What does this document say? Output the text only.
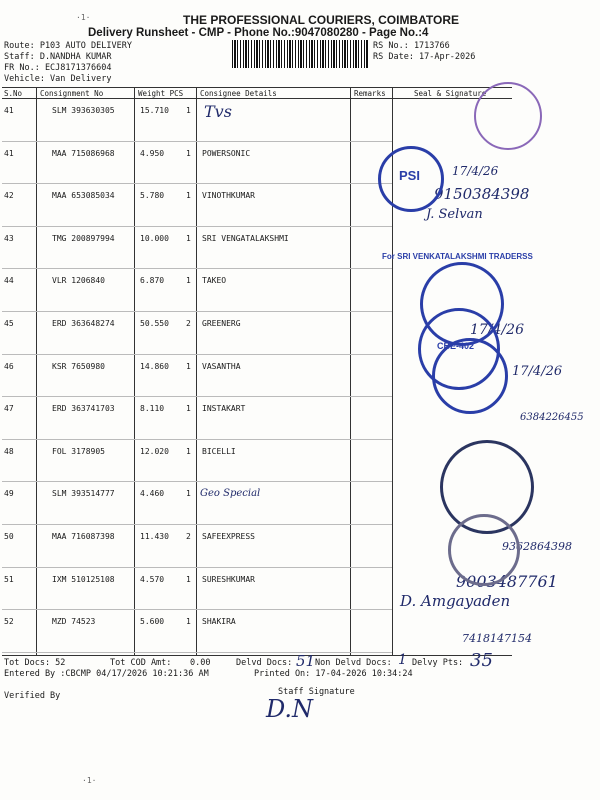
·1·	THE PROFESSIONAL COURIERS, COIMBATORE
Delivery Runsheet - CMP - Phone No.:9047080280 - Page No.:4
Route: P103 AUTO DELIVERY
Staff: D.NANDHA KUMAR
FR No.: ECJ8171376604
Vehicle: Van Delivery
RS No.: 1713766
RS Date: 17-Apr-2026
S.No Consignment No	Weight PCS Consignee Details	Remarks	Seal & Signature
41	SLM 393630305	15.710 1
41	MAA 715086968	4.950	1 POWERSONIC
42	MAA 653085034	5.780	1 VINOTHKUMAR
43	TMG 200897994	10.000 1 SRI VENGATALAKSHMI
44	VLR 1206840	6.870	1 TAKEO
45	ERD 363648274	50.550 2 GREENERG
46	KSR 7650980	14.860 1 VASANTHA
47	ERD 363741703	8.110	1 INSTAKART
48	FOL 3178905	12.020 1 BICELLI
49	SLM 393514777	4.460	1
50	MAA 716087398	11.430 2 SAFEEXPRESS
51	IXM 510125108	4.570	1 SURESHKUMAR
52	MZD 74523	5.600	1 SHAKIRA
Tot Docs: 52	Tot COD Amt: 0.00	Delvd Docs: 51 Non Delvd Docs: 1 Delvy Pts: 35
Entered By :CBCMP 04/17/2026 10:21:36 AM	Printed On: 17-04-2026 10:34:24
Staff Signature
Verified By	D.N
·1·
Tvs
17/4/26
9150384398
J. Selvan
17/4/26
17/4/26
6384226455
Geo Special
9362864398
9003487761
D. Amgayaden
7418147154
PSI
For SRI VENKATALAKSHMI TRADERSS
CBE-402
